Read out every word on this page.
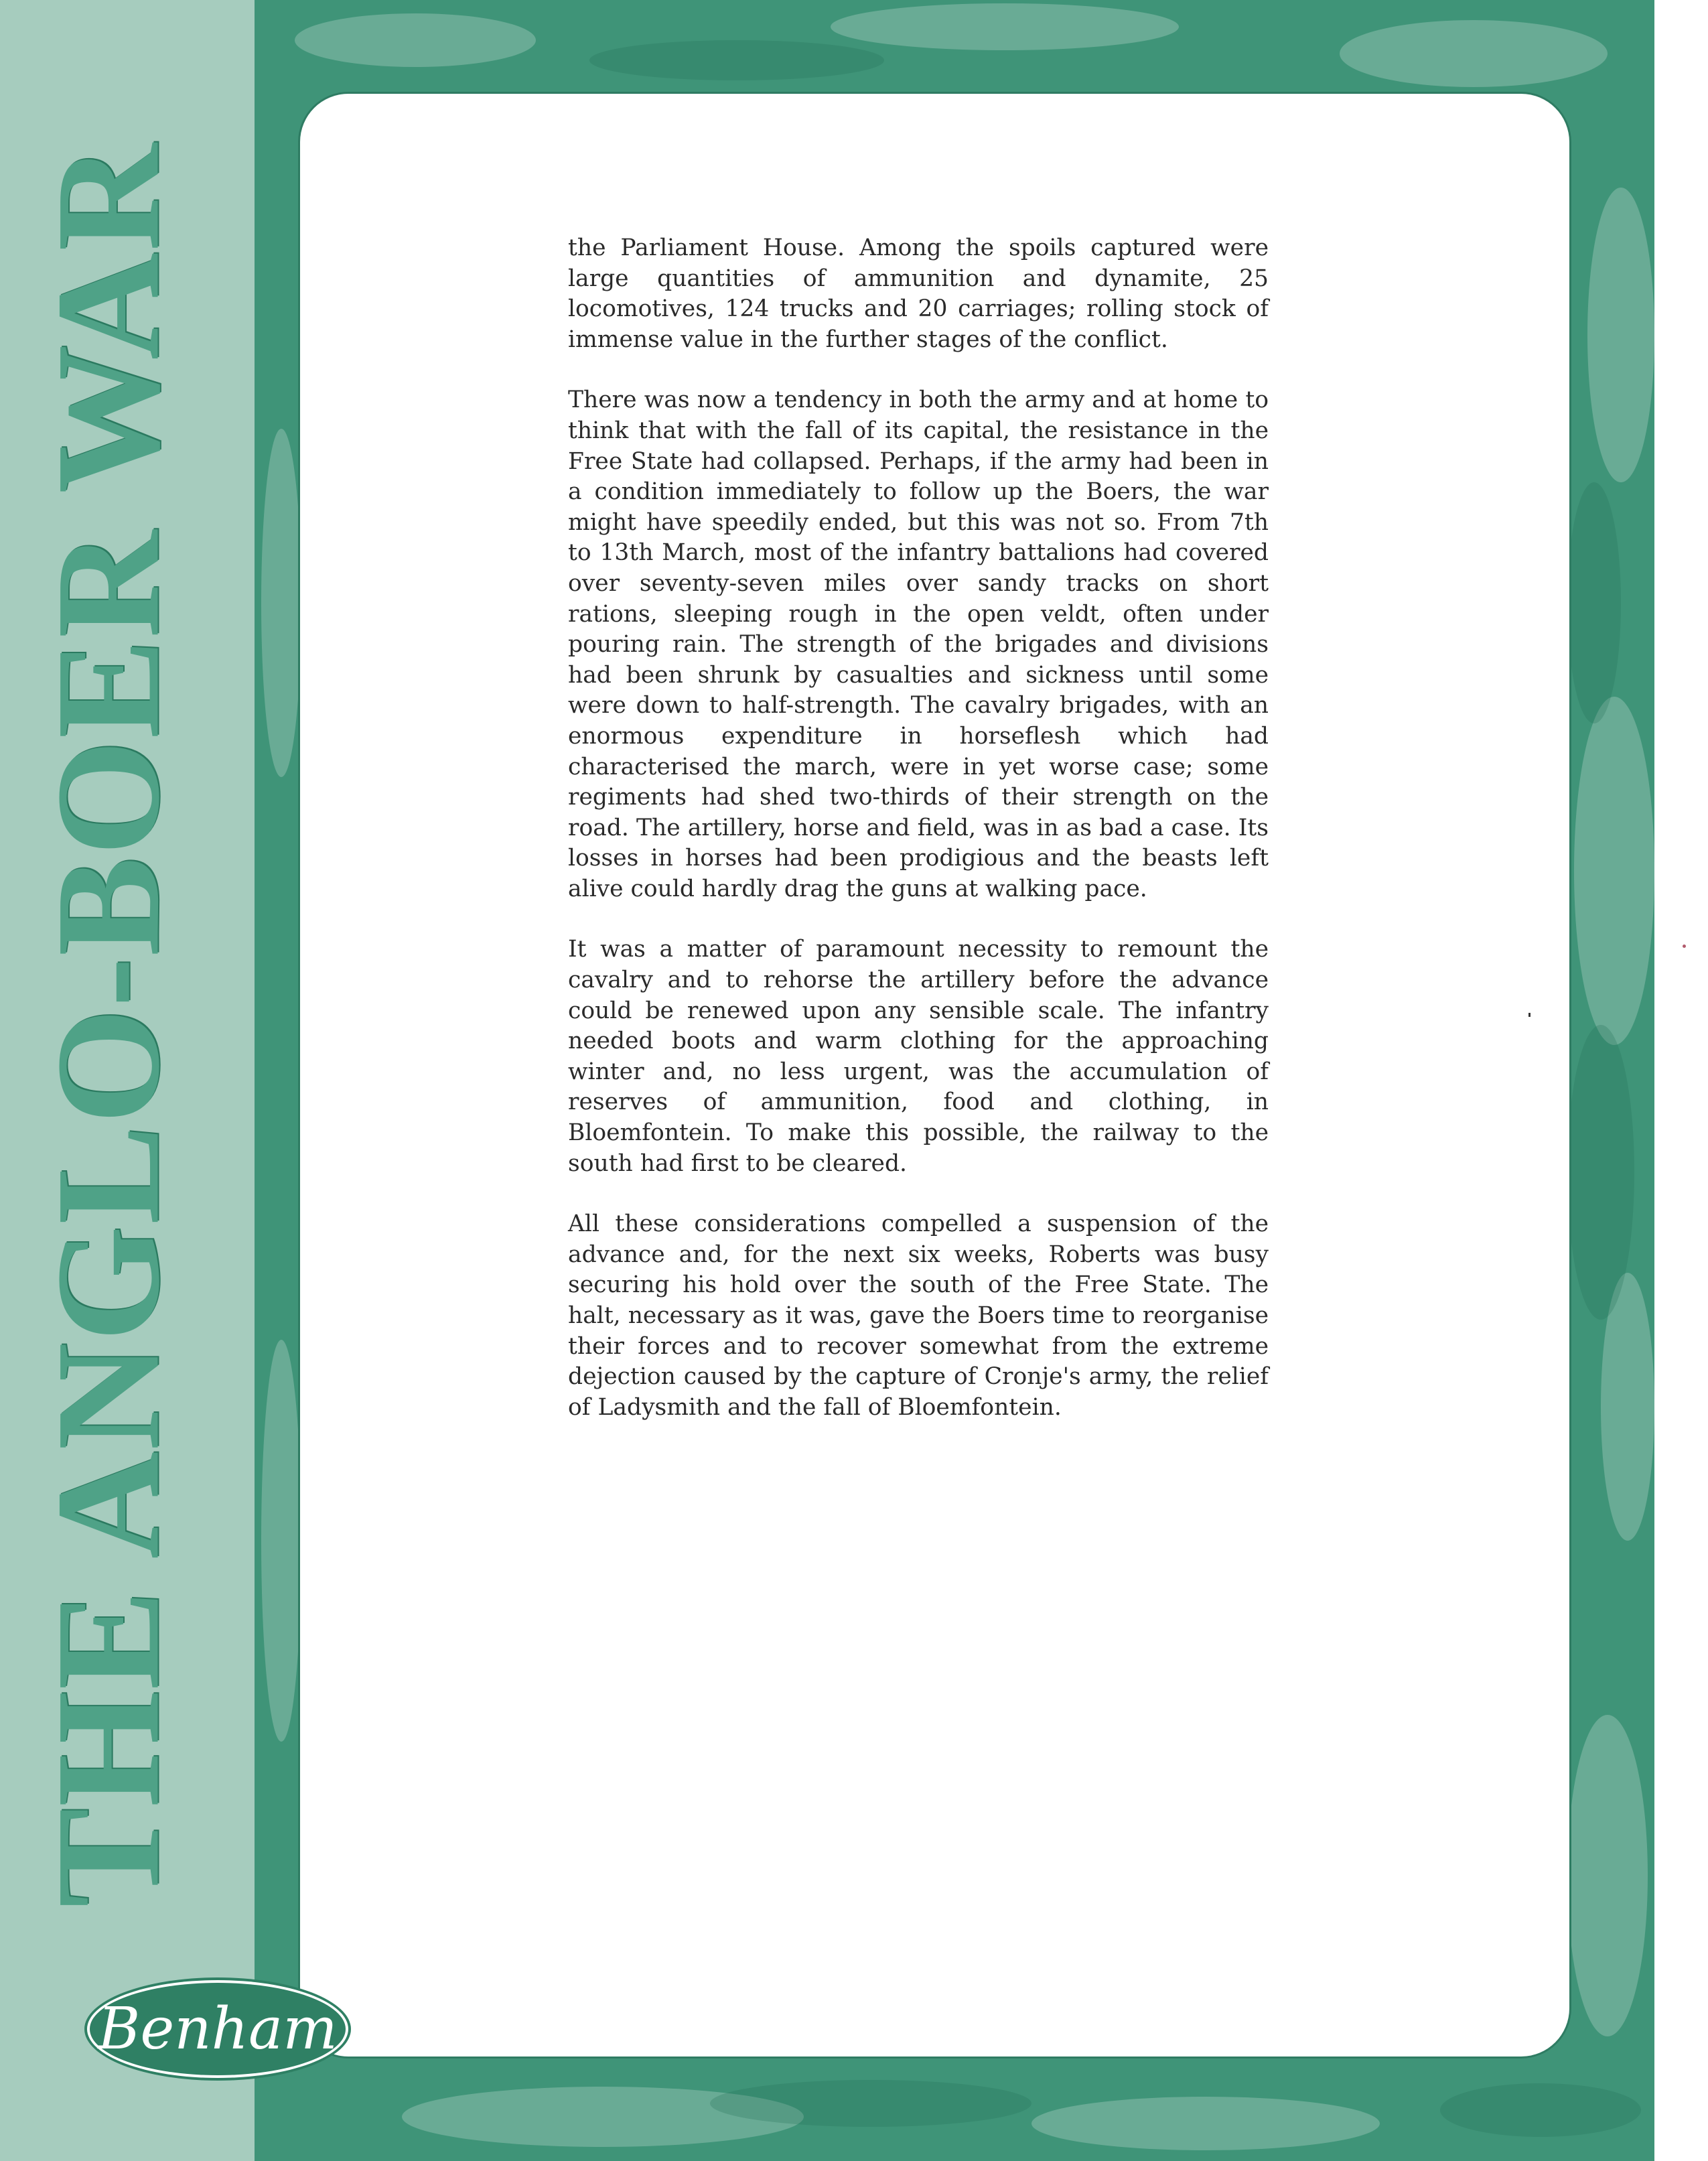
THE ANGLO-BOER WAR	the Parliament House. Among the spoils captured were large quantities of ammunition and dynamite, 25 locomotives, 124 trucks and 20 carriages; rolling stock of immense value in the further stages of the conflict.

There was now a tendency in both the army and at home to think that with the fall of its capital, the resistance in the Free State had collapsed. Perhaps, if the army had been in a condition immediately to follow up the Boers, the war might have speedily ended, but this was not so. From 7th to 13th March, most of the infantry battalions had covered over seventy-seven miles over sandy tracks on short rations, sleeping rough in the open veldt, often under pouring rain. The strength of the brigades and divisions had been shrunk by casualties and sickness until some were down to half-strength. The cavalry brigades, with an enormous expenditure in horseflesh which had characterised the march, were in yet worse case; some regiments had shed two-thirds of their strength on the road. The artillery, horse and field, was in as bad a case. Its losses in horses had been prodigious and the beasts left alive could hardly drag the guns at walking pace.

It was a matter of paramount necessity to remount the cavalry and to rehorse the artillery before the advance could be renewed upon any sensible scale. The infantry needed boots and warm clothing for the approaching winter and, no less urgent, was the accumulation of reserves of ammunition, food and clothing, in Bloemfontein. To make this possible, the railway to the south had first to be cleared.

All these considerations compelled a suspension of the advance and, for the next six weeks, Roberts was busy securing his hold over the south of the Free State. The halt, necessary as it was, gave the Boers time to reorganise their forces and to recover somewhat from the extreme dejection caused by the capture of Cronje's army, the relief of Ladysmith and the fall of Bloemfontein.

Benham
